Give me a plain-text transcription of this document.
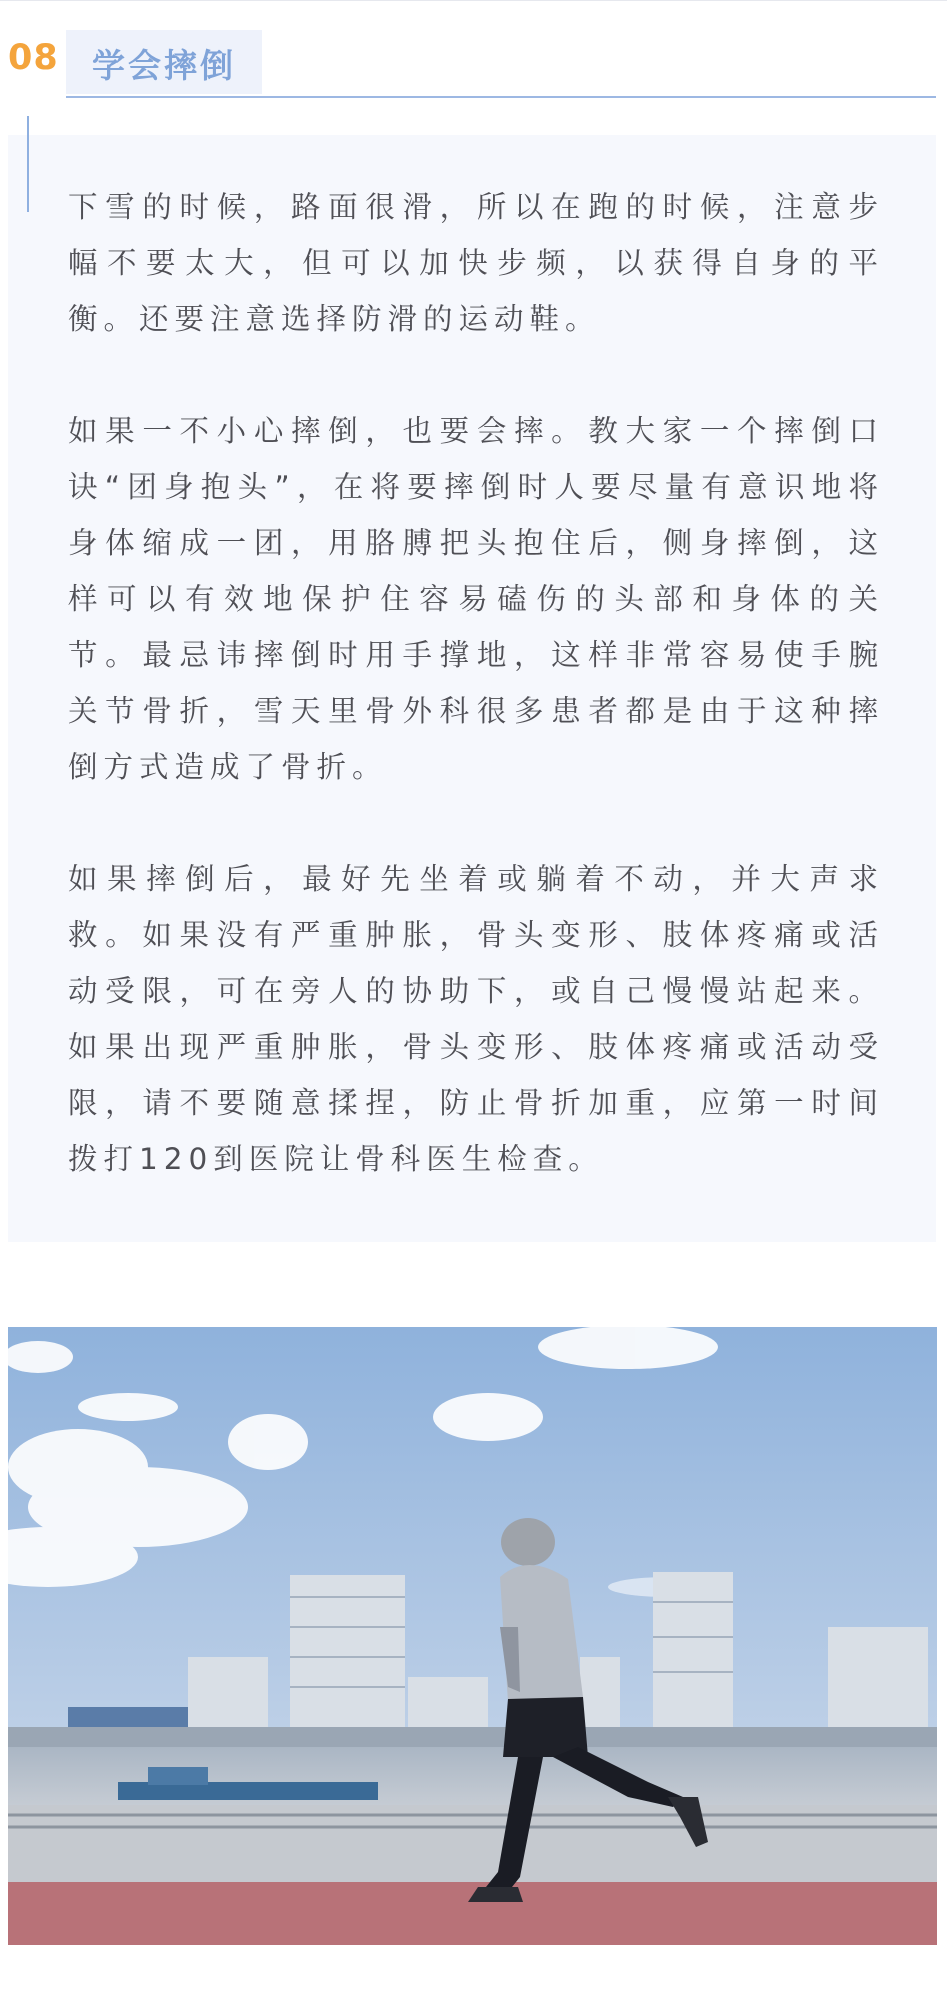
08 学会摔倒

下雪的时候，路面很滑，所以在跑的时候，注意步幅不要太大，但可以加快步频，以获得自身的平衡。还要注意选择防滑的运动鞋。

如果一不小心摔倒，也要会摔。教大家一个摔倒口诀“团身抱头”，在将要摔倒时人要尽量有意识地将身体缩成一团，用胳膊把头抱住后，侧身摔倒，这样可以有效地保护住容易磕伤的头部和身体的关节。最忌讳摔倒时用手撑地，这样非常容易使手腕关节骨折，雪天里骨外科很多患者都是由于这种摔倒方式造成了骨折。

如果摔倒后，最好先坐着或躺着不动，并大声求救。如果没有严重肿胀，骨头变形、肢体疼痛或活动受限，可在旁人的协助下，或自己慢慢站起来。如果出现严重肿胀，骨头变形、肢体疼痛或活动受限，请不要随意揉捏，防止骨折加重，应第一时间拨打120到医院让骨科医生检查。
